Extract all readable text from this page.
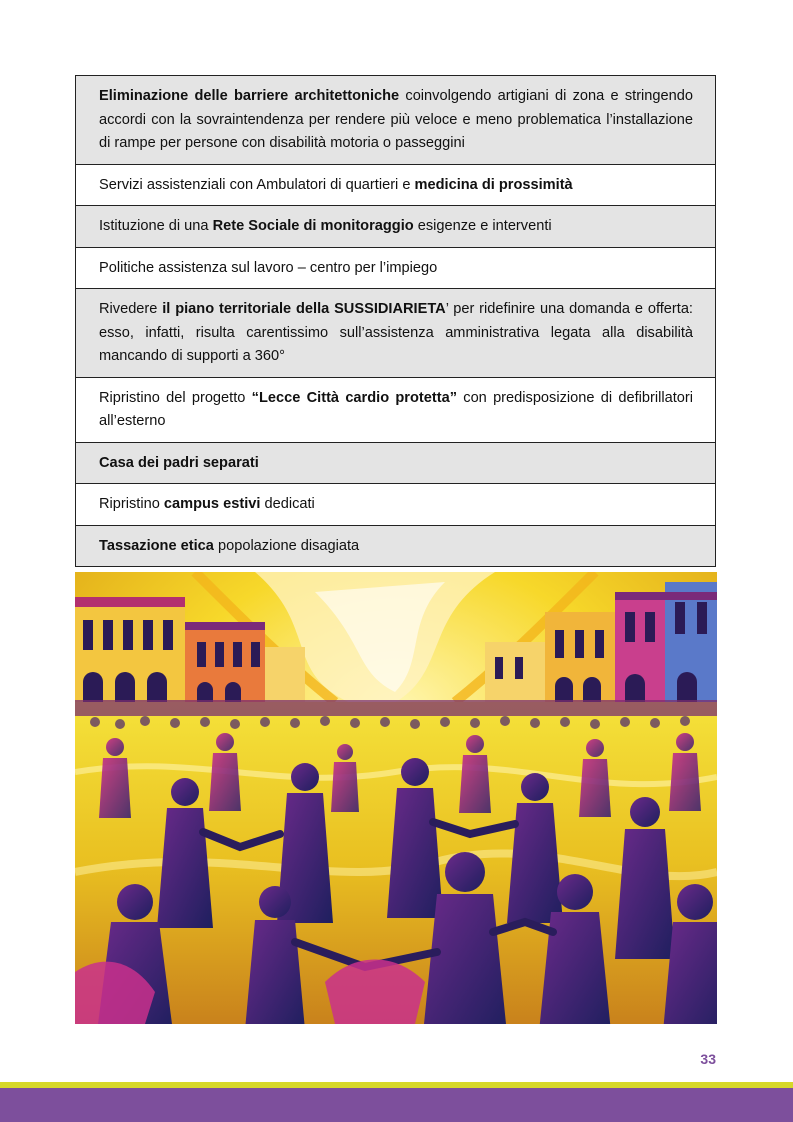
Eliminazione delle barriere architettoniche coinvolgendo artigiani di zona e stringendo accordi con la sovraintendenza per rendere più veloce e meno problematica l’installazione di rampe per persone con disabilità motoria o passeggini
Servizi assistenziali con Ambulatori di quartieri e medicina di prossimità
Istituzione di una Rete Sociale di monitoraggio esigenze e interventi
Politiche assistenza sul lavoro – centro per l’impiego
Rivedere il piano territoriale della SUSSIDIARIETA’ per ridefinire una domanda e offerta: esso, infatti, risulta carentissimo sull’assistenza amministrativa legata alla disabilità mancando di supporti a 360°
Ripristino del progetto “Lecce Città cardio protetta” con predisposizione di defibrillatori all’esterno
Casa dei padri separati
Ripristino campus estivi dedicati
Tassazione etica popolazione disagiata
33
